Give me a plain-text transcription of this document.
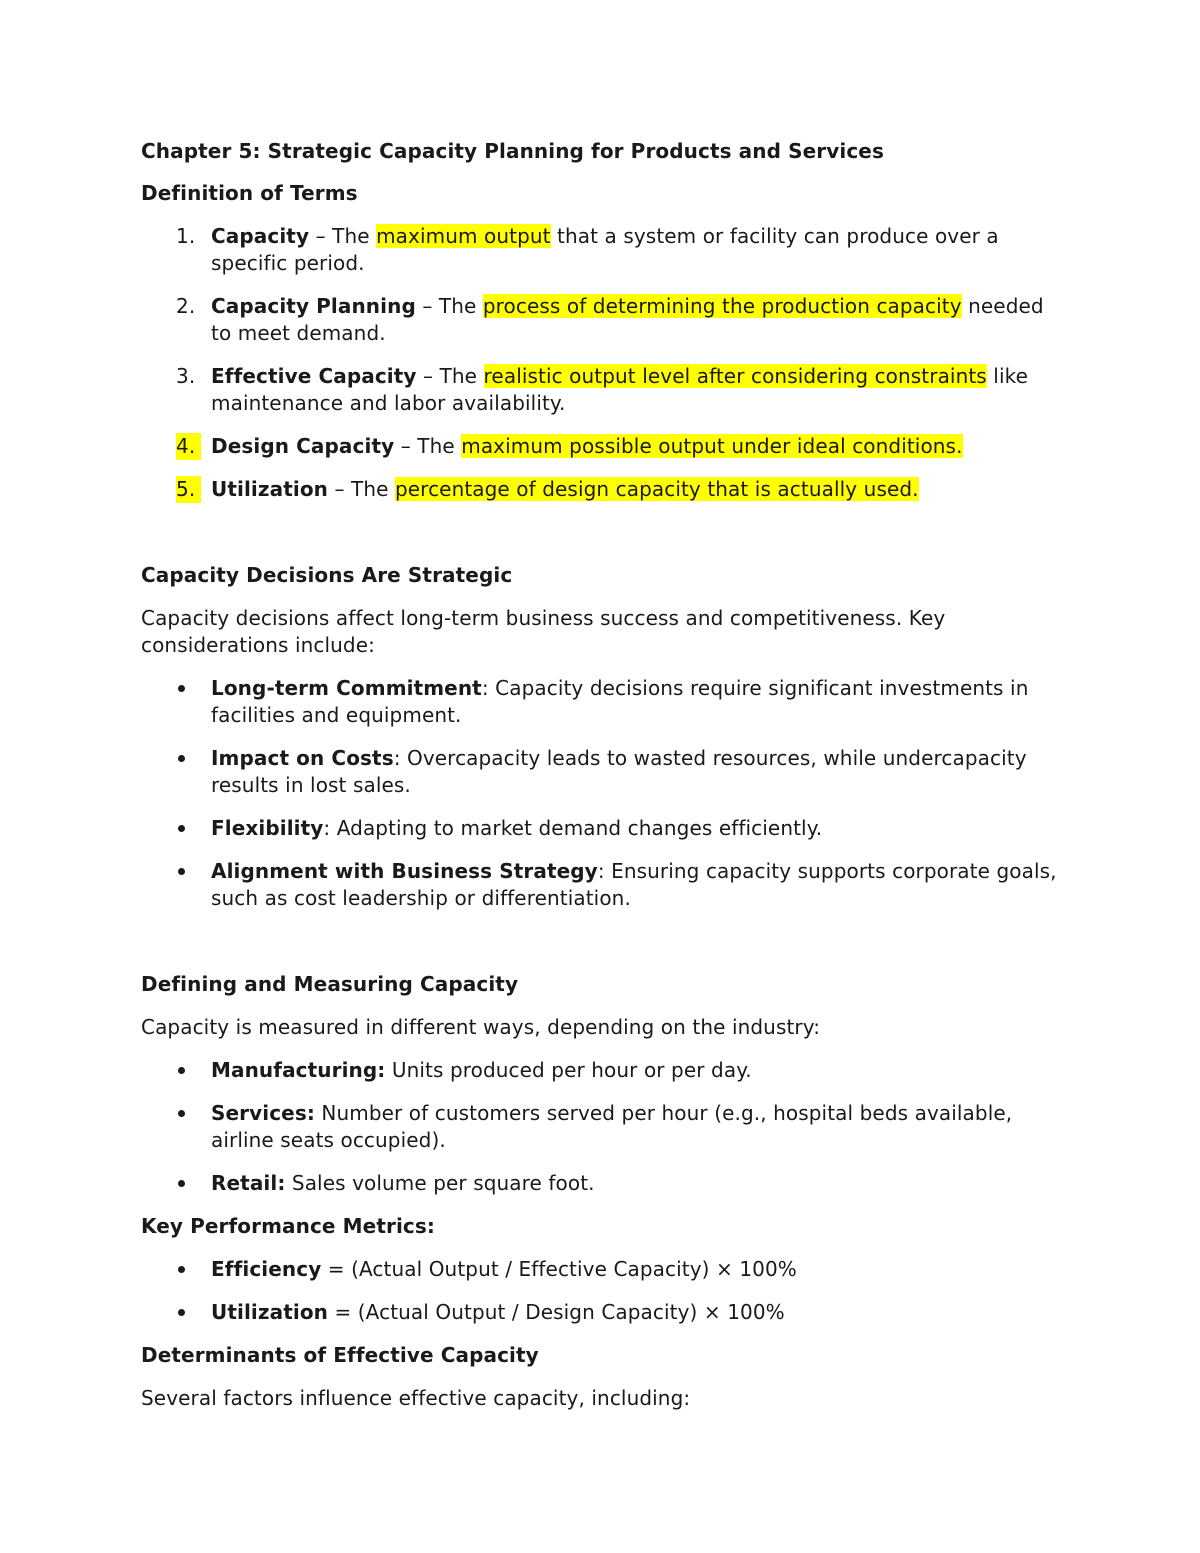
Chapter 5: Strategic Capacity Planning for Products and Services

Definition of Terms

1. Capacity – The maximum output that a system or facility can produce over a specific period.
2. Capacity Planning – The process of determining the production capacity needed to meet demand.
3. Effective Capacity – The realistic output level after considering constraints like maintenance and labor availability.
4. Design Capacity – The maximum possible output under ideal conditions.
5. Utilization – The percentage of design capacity that is actually used.

Capacity Decisions Are Strategic

Capacity decisions affect long-term business success and competitiveness. Key considerations include:

Long-term Commitment: Capacity decisions require significant investments in facilities and equipment.
Impact on Costs: Overcapacity leads to wasted resources, while undercapacity results in lost sales.
Flexibility: Adapting to market demand changes efficiently.
Alignment with Business Strategy: Ensuring capacity supports corporate goals, such as cost leadership or differentiation.

Defining and Measuring Capacity

Capacity is measured in different ways, depending on the industry:

Manufacturing: Units produced per hour or per day.
Services: Number of customers served per hour (e.g., hospital beds available, airline seats occupied).
Retail: Sales volume per square foot.

Key Performance Metrics:

Efficiency = (Actual Output / Effective Capacity) × 100%
Utilization = (Actual Output / Design Capacity) × 100%

Determinants of Effective Capacity

Several factors influence effective capacity, including:
